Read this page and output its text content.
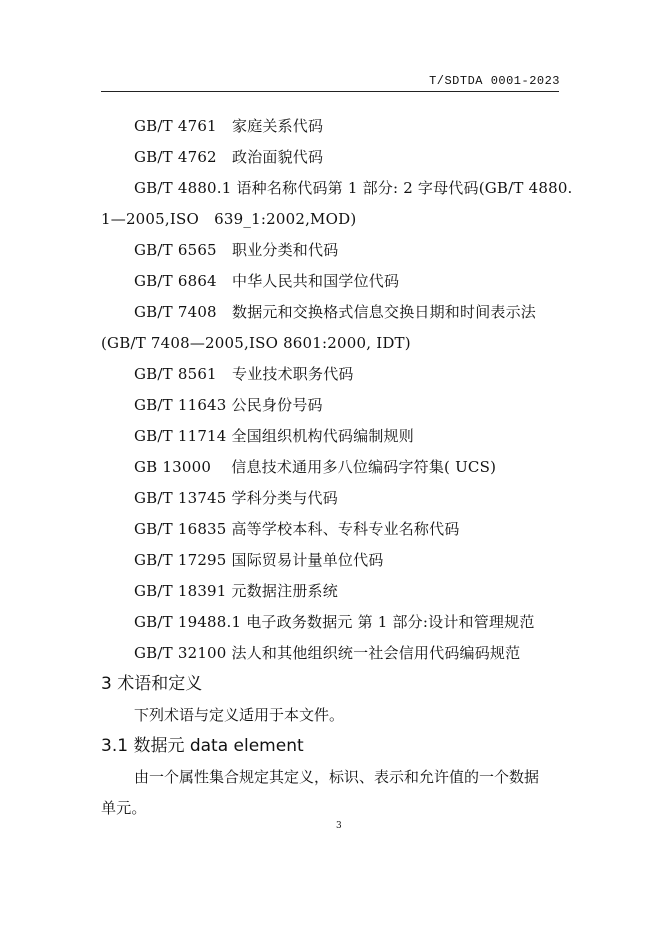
T/SDTDA 0001-2023
GB/T 4761　家庭关系代码
GB/T 4762　政治面貌代码
GB/T 4880.1 语种名称代码第 1 部分: 2 字母代码(GB/T 4880.
1—2005,ISO　639_1:2002,MOD)
GB/T 6565　职业分类和代码
GB/T 6864　中华人民共和国学位代码
GB/T 7408　数据元和交换格式信息交换日期和时间表示法
(GB/T 7408—2005,ISO 8601:2000, IDT)
GB/T 8561　专业技术职务代码
GB/T 11643 公民身份号码
GB/T 11714 全国组织机构代码编制规则
GB 13000　 信息技术通用多八位编码字符集( UCS)
GB/T 13745 学科分类与代码
GB/T 16835 高等学校本科、专科专业名称代码
GB/T 17295 国际贸易计量单位代码
GB/T 18391 元数据注册系统
GB/T 19488.1 电子政务数据元 第 1 部分:设计和管理规范
GB/T 32100 法人和其他组织统一社会信用代码编码规范
3 术语和定义
下列术语与定义适用于本文件。
3.1 数据元 data element
由一个属性集合规定其定义，标识、表示和允许值的一个数据
单元。
3
